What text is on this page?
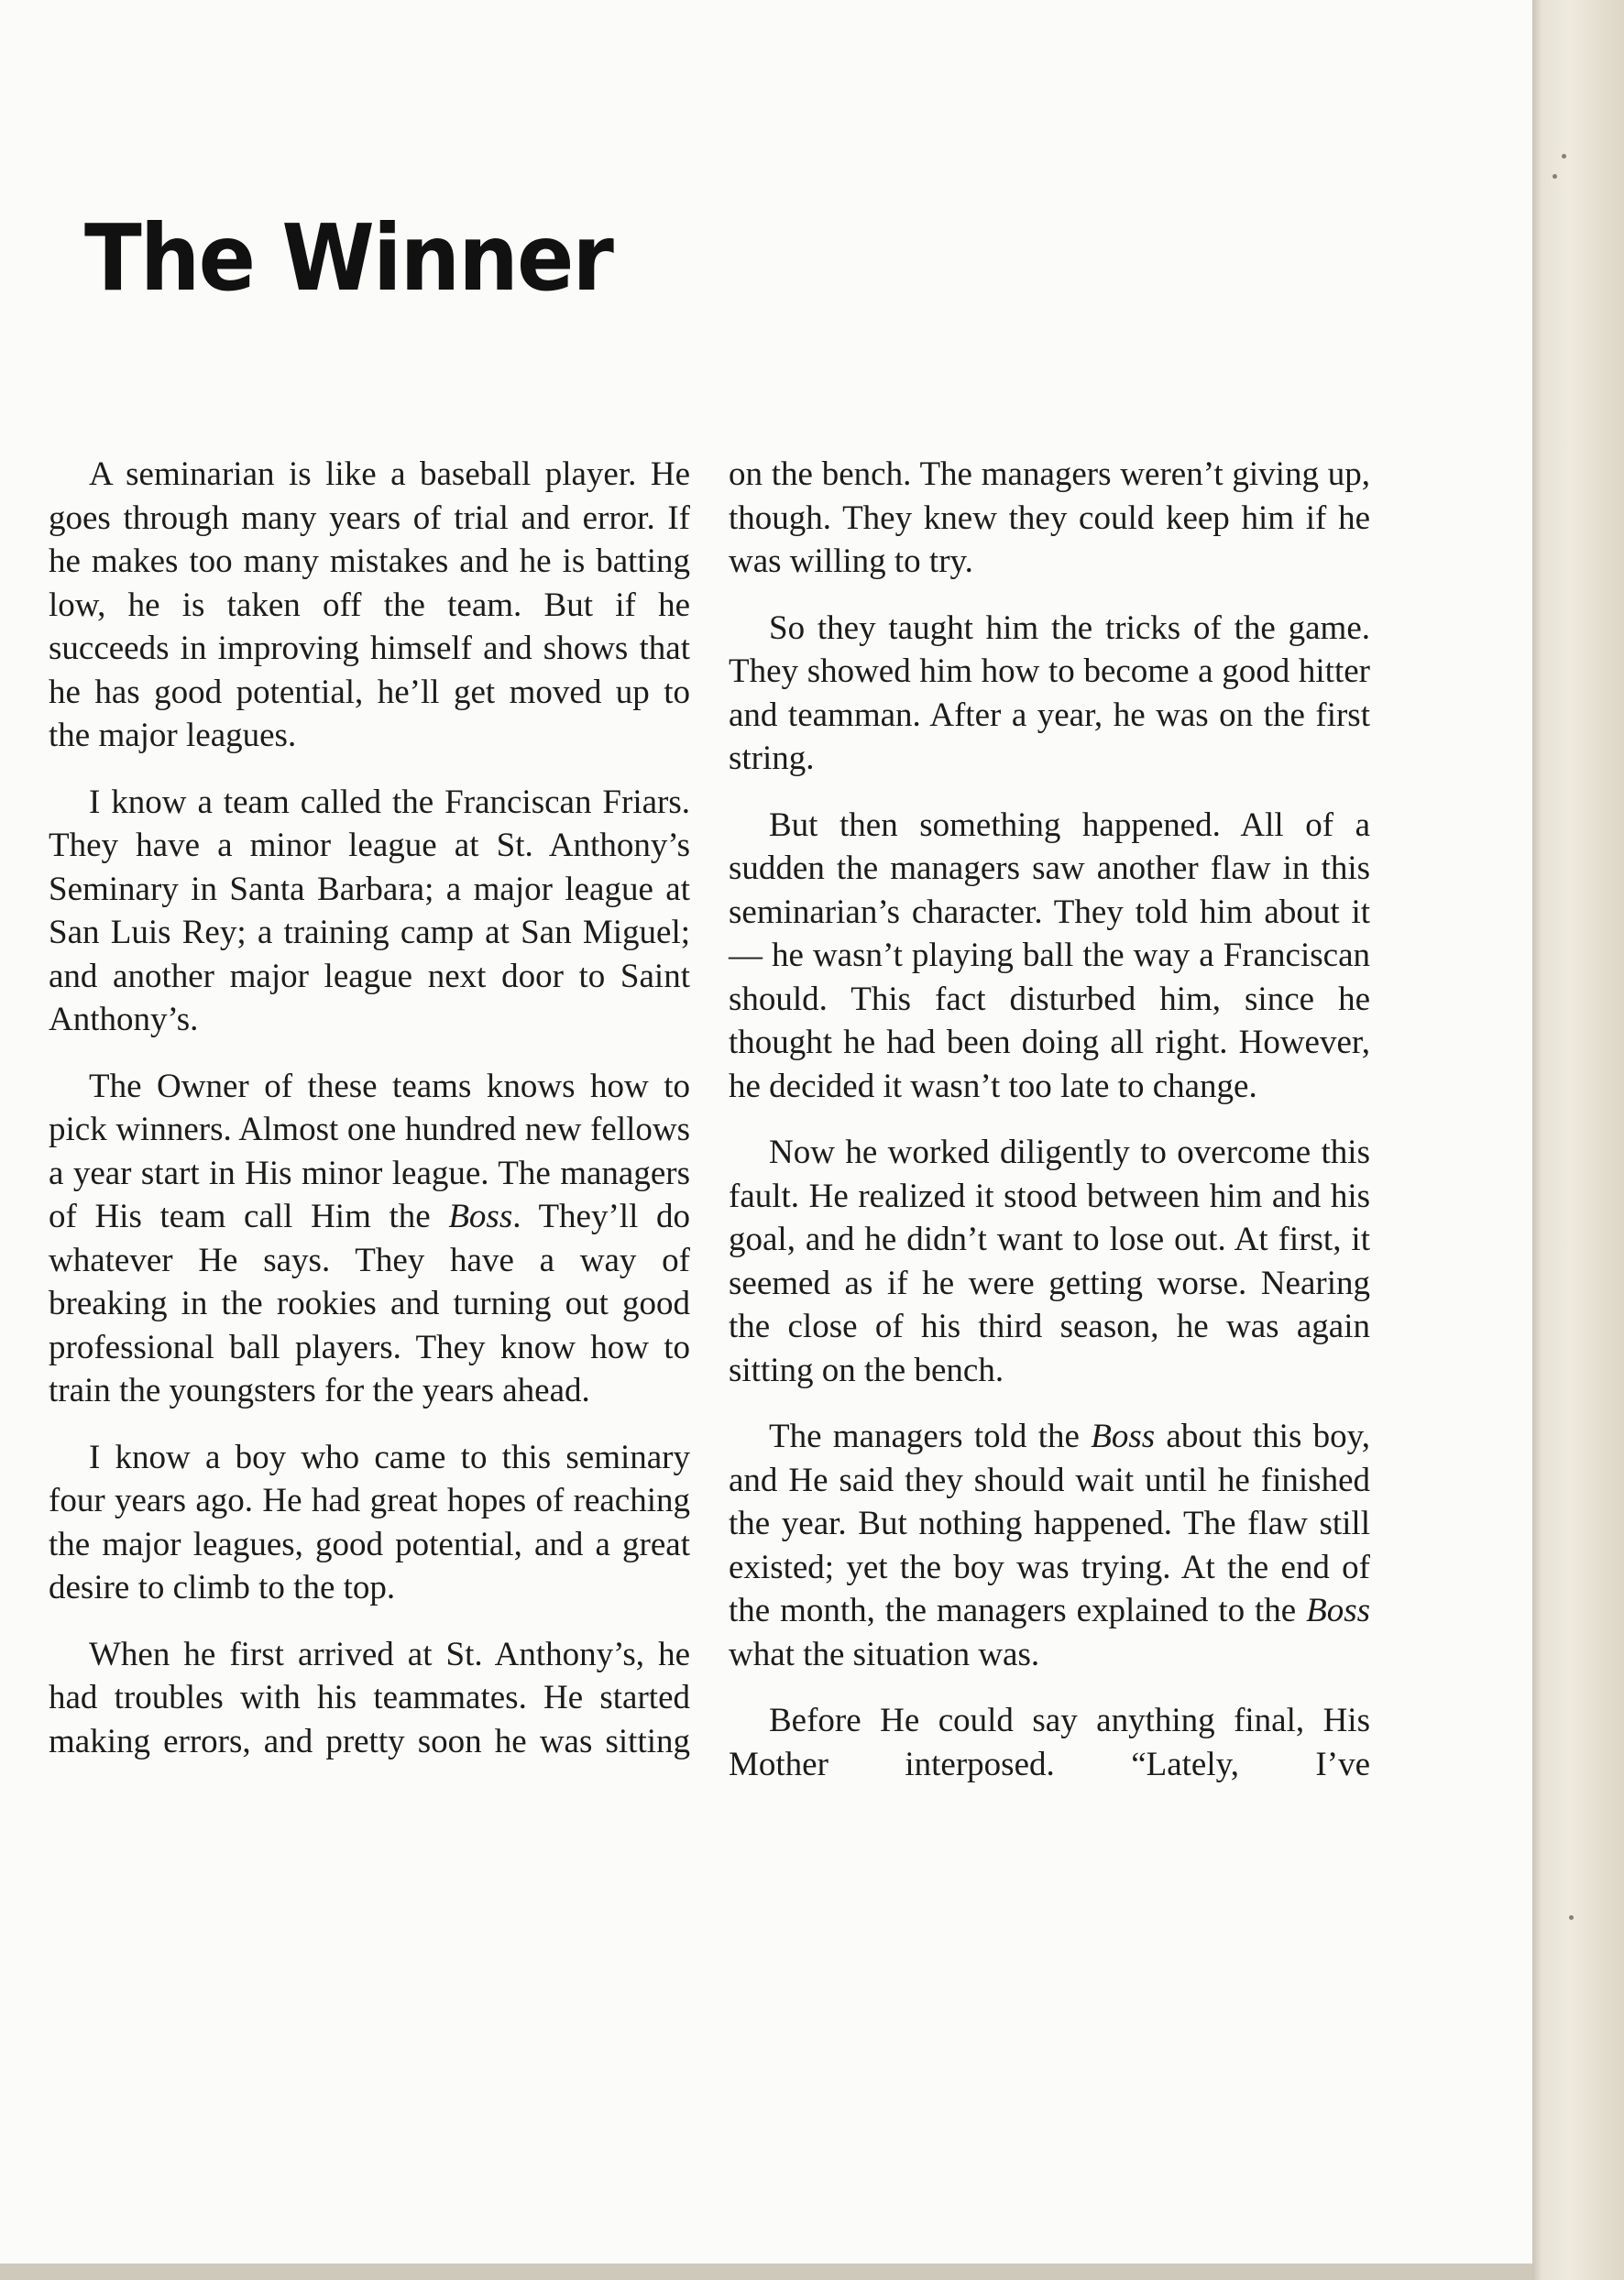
The Winner

A seminarian is like a baseball player. He goes through many years of trial and error. If he makes too many mistakes and he is batting low, he is taken off the team. But if he succeeds in improving himself and shows that he has good potential, he’ll get moved up to the major leagues.

I know a team called the Franciscan Friars. They have a minor league at St. Anthony’s Seminary in Santa Barbara; a major league at San Luis Rey; a training camp at San Miguel; and another major league next door to Saint Anthony’s.

The Owner of these teams knows how to pick winners. Almost one hundred new fellows a year start in His minor league. The managers of His team call Him the Boss. They’ll do whatever He says. They have a way of breaking in the rookies and turning out good professional ball players. They know how to train the youngsters for the years ahead.

I know a boy who came to this seminary four years ago. He had great hopes of reaching the major leagues, good potential, and a great desire to climb to the top.

When he first arrived at St. Anthony’s, he had troubles with his teammates. He started making errors, and pretty soon he was sitting

on the bench. The managers weren’t giving up, though. They knew they could keep him if he was willing to try.

So they taught him the tricks of the game. They showed him how to become a good hitter and teamman. After a year, he was on the first string.

But then something happened. All of a sudden the managers saw another flaw in this seminarian’s character. They told him about it — he wasn’t playing ball the way a Franciscan should. This fact disturbed him, since he thought he had been doing all right. However, he decided it wasn’t too late to change.

Now he worked diligently to overcome this fault. He realized it stood between him and his goal, and he didn’t want to lose out. At first, it seemed as if he were getting worse. Nearing the close of his third season, he was again sitting on the bench.

The managers told the Boss about this boy, and He said they should wait until he finished the year. But nothing happened. The flaw still existed; yet the boy was trying. At the end of the month, the managers explained to the Boss what the situation was.

Before He could say anything final, His Mother interposed. “Lately, I’ve
